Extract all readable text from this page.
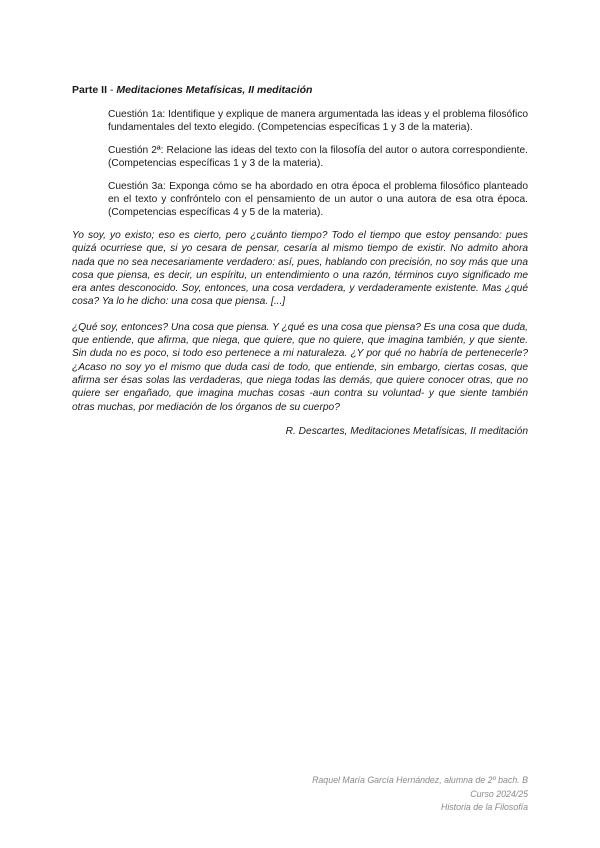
Parte II - Meditaciones Metafísicas, II meditación

Cuestión 1a: Identifique y explique de manera argumentada las ideas y el problema filosófico fundamentales del texto elegido. (Competencias específicas 1 y 3 de la materia).

Cuestión 2ª: Relacione las ideas del texto con la filosofía del autor o autora correspondiente. (Competencias específicas 1 y 3 de la materia).

Cuestión 3a: Exponga cómo se ha abordado en otra época el problema filosófico planteado en el texto y confróntelo con el pensamiento de un autor o una autora de esa otra época. (Competencias específicas 4 y 5 de la materia).

Yo soy, yo existo; eso es cierto, pero ¿cuánto tiempo? Todo el tiempo que estoy pensando: pues quizá ocurriese que, si yo cesara de pensar, cesaría al mismo tiempo de existir. No admito ahora nada que no sea necesariamente verdadero: así, pues, hablando con precisión, no soy más que una cosa que piensa, es decir, un espíritu, un entendimiento o una razón, términos cuyo significado me era antes desconocido. Soy, entonces, una cosa verdadera, y verdaderamente existente. Mas ¿qué cosa? Ya lo he dicho: una cosa que piensa. [...]

¿Qué soy, entonces? Una cosa que piensa. Y ¿qué es una cosa que piensa? Es una cosa que duda, que entiende, que afirma, que niega, que quiere, que no quiere, que imagina también, y que siente. Sin duda no es poco, si todo eso pertenece a mi naturaleza. ¿Y por qué no habría de pertenecerle? ¿Acaso no soy yo el mismo que duda casi de todo, que entiende, sin embargo, ciertas cosas, que afirma ser ésas solas las verdaderas, que niega todas las demás, que quiere conocer otras, que no quiere ser engañado, que imagina muchas cosas -aun contra su voluntad- y que siente también otras muchas, por mediación de los órganos de su cuerpo?

R. Descartes, Meditaciones Metafísicas, II meditación
Raquel María García Hernández, alumna de 2º bach. B
Curso 2024/25
Historia de la Filosofía
